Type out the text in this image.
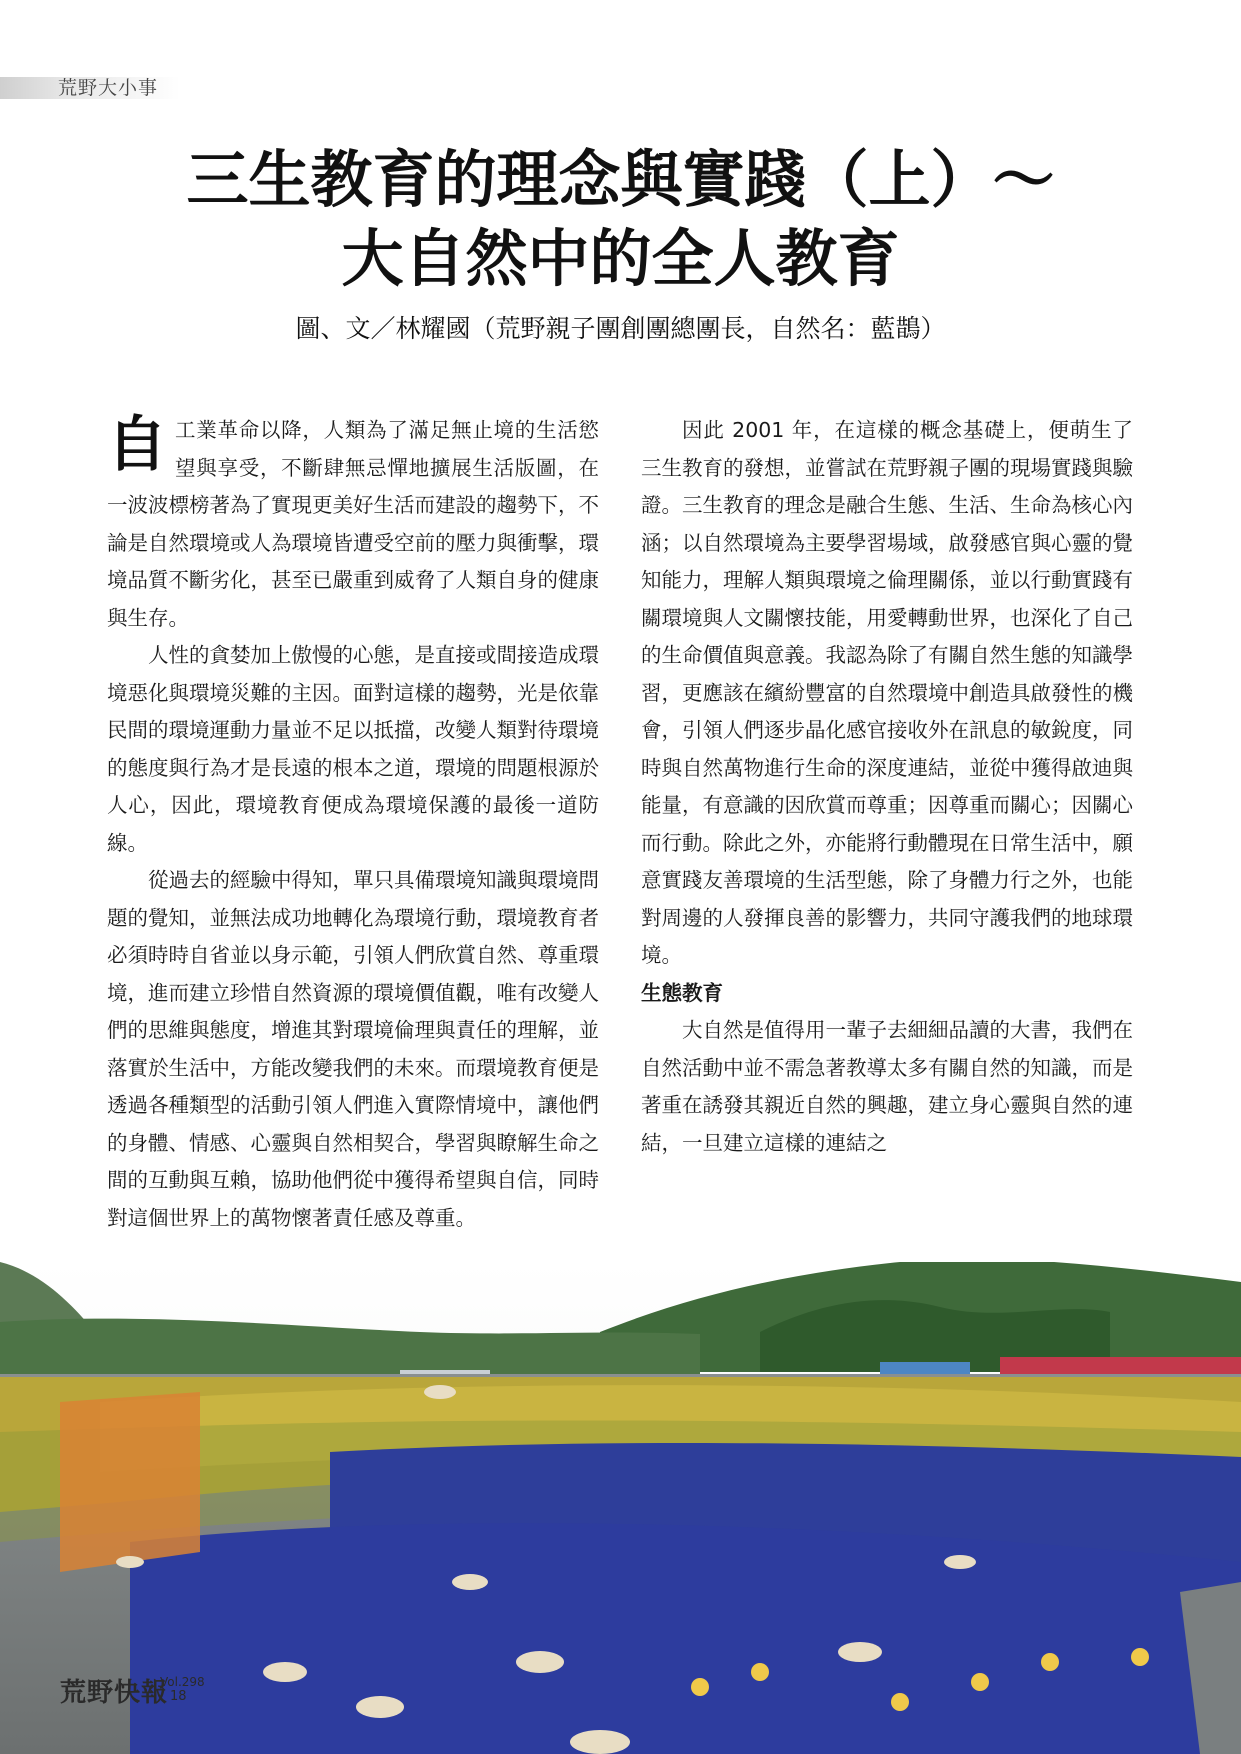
荒野大小事
三生教育的理念與實踐（上）～
大自然中的全人教育
圖、文／林耀國（荒野親子團創團總團長，自然名：藍鵲）

自工業革命以降，人類為了滿足無止境的生活慾望與享受，不斷肆無忌憚地擴展生活版圖，在一波波標榜著為了實現更美好生活而建設的趨勢下，不論是自然環境或人為環境皆遭受空前的壓力與衝擊，環境品質不斷劣化，甚至已嚴重到威脅了人類自身的健康與生存。

人性的貪婪加上傲慢的心態，是直接或間接造成環境惡化與環境災難的主因。面對這樣的趨勢，光是依靠民間的環境運動力量並不足以抵擋，改變人類對待環境的態度與行為才是長遠的根本之道，環境的問題根源於人心，因此，環境教育便成為環境保護的最後一道防線。

從過去的經驗中得知，單只具備環境知識與環境問題的覺知，並無法成功地轉化為環境行動，環境教育者必須時時自省並以身示範，引領人們欣賞自然、尊重環境，進而建立珍惜自然資源的環境價值觀，唯有改變人們的思維與態度，增進其對環境倫理與責任的理解，並落實於生活中，方能改變我們的未來。而環境教育便是透過各種類型的活動引領人們進入實際情境中，讓他們的身體、情感、心靈與自然相契合，學習與瞭解生命之間的互動與互賴，協助他們從中獲得希望與自信，同時對這個世界上的萬物懷著責任感及尊重。

因此 2001 年，在這樣的概念基礎上，便萌生了三生教育的發想，並嘗試在荒野親子團的現場實踐與驗證。三生教育的理念是融合生態、生活、生命為核心內涵；以自然環境為主要學習場域，啟發感官與心靈的覺知能力，理解人類與環境之倫理關係，並以行動實踐有關環境與人文關懷技能，用愛轉動世界，也深化了自己的生命價值與意義。我認為除了有關自然生態的知識學習，更應該在繽紛豐富的自然環境中創造具啟發性的機會，引領人們逐步晶化感官接收外在訊息的敏銳度，同時與自然萬物進行生命的深度連結，並從中獲得啟迪與能量，有意識的因欣賞而尊重；因尊重而關心；因關心而行動。除此之外，亦能將行動體現在日常生活中，願意實踐友善環境的生活型態，除了身體力行之外，也能對周邊的人發揮良善的影響力，共同守護我們的地球環境。

生態教育

大自然是值得用一輩子去細細品讀的大書，我們在自然活動中並不需急著教導太多有關自然的知識，而是著重在誘發其親近自然的興趣，建立身心靈與自然的連結，一旦建立這樣的連結之

荒野快報
Vol.298
18
